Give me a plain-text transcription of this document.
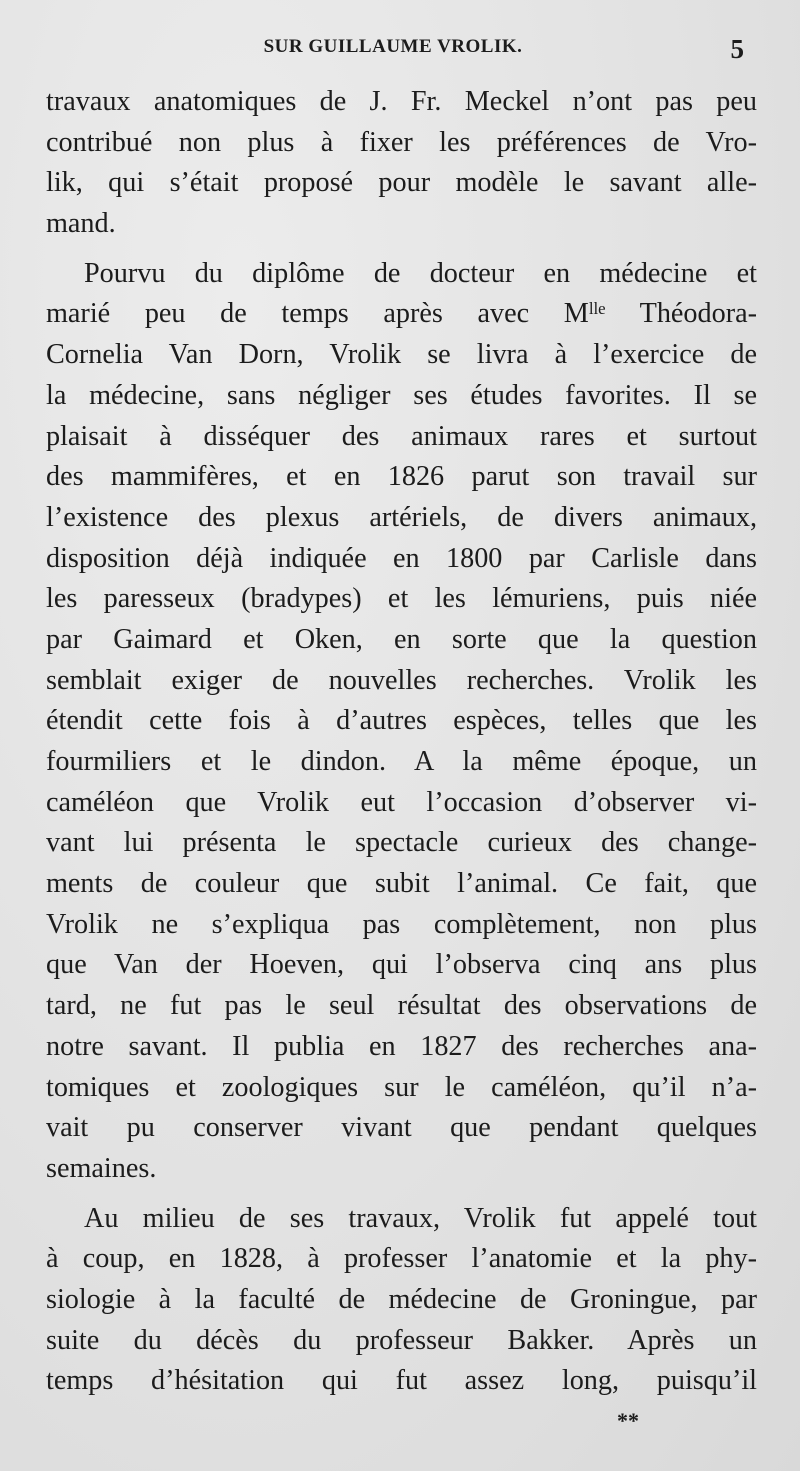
SUR GUILLAUME VROLIK.	5
travaux anatomiques de J. Fr. Meckel n’ont pas peu
contribué non plus à fixer les préférences de Vro-
lik, qui s’était proposé pour modèle le savant alle-
mand.
Pourvu du diplôme de docteur en médecine et
marié peu de temps après avec Mˡˡᵉ Théodora-
Cornelia Van Dorn, Vrolik se livra à l’exercice de
la médecine, sans négliger ses études favorites. Il se
plaisait à disséquer des animaux rares et surtout
des mammifères, et en 1826 parut son travail sur
l’existence des plexus artériels, de divers animaux,
disposition déjà indiquée en 1800 par Carlisle dans
les paresseux (bradypes) et les lémuriens, puis niée
par Gaimard et Oken, en sorte que la question
semblait exiger de nouvelles recherches. Vrolik les
étendit cette fois à d’autres espèces, telles que les
fourmiliers et le dindon. A la même époque, un
caméléon que Vrolik eut l’occasion d’observer vi-
vant lui présenta le spectacle curieux des change-
ments de couleur que subit l’animal. Ce fait, que
Vrolik ne s’expliqua pas complètement, non plus
que Van der Hoeven, qui l’observa cinq ans plus
tard, ne fut pas le seul résultat des observations de
notre savant. Il publia en 1827 des recherches ana-
tomiques et zoologiques sur le caméléon, qu’il n’a-
vait pu conserver vivant que pendant quelques
semaines.
Au milieu de ses travaux, Vrolik fut appelé tout
à coup, en 1828, à professer l’anatomie et la phy-
siologie à la faculté de médecine de Groningue, par
suite du décès du professeur Bakker. Après un
temps d’hésitation qui fut assez long, puisqu’il
**
